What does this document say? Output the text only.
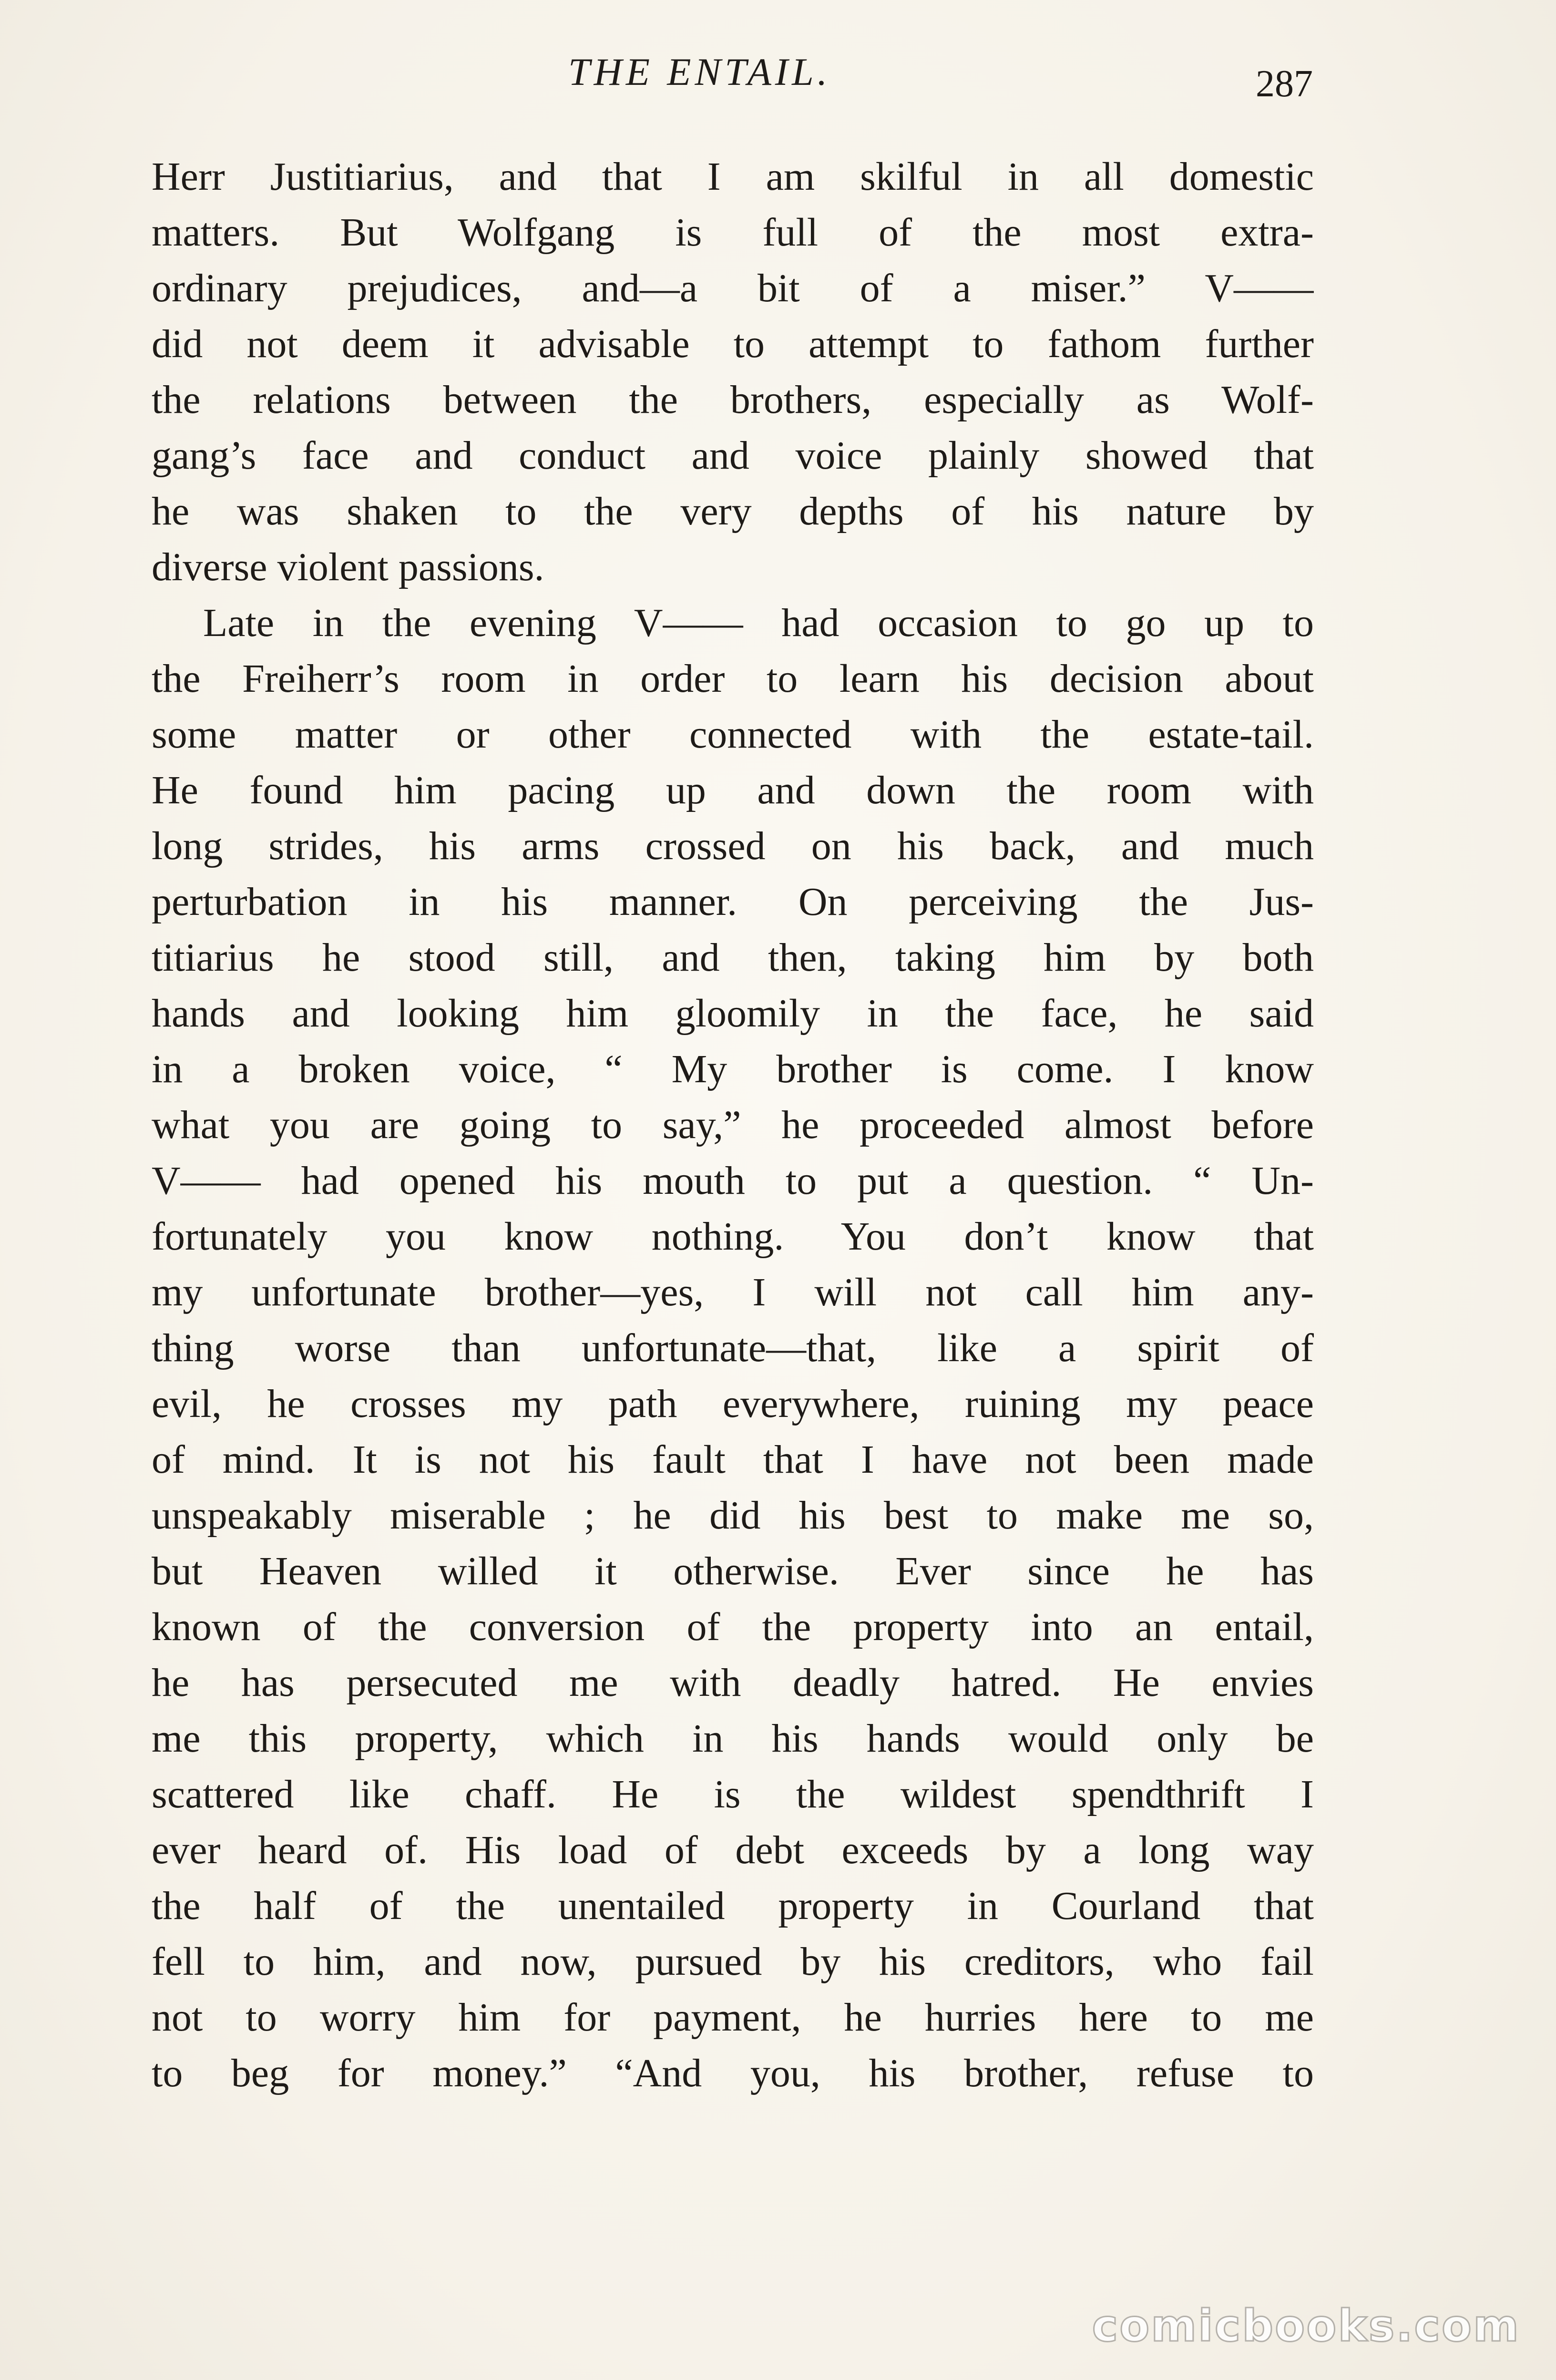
THE ENTAIL.	287
Herr Justitiarius, and that I am skilful in all domestic
matters. But Wolfgang is full of the most extra-
ordinary prejudices, and—a bit of a miser.” V——
did not deem it advisable to attempt to fathom further
the relations between the brothers, especially as Wolf-
gang’s face and conduct and voice plainly showed that
he was shaken to the very depths of his nature by
diverse violent passions.
Late in the evening V—— had occasion to go up to
the Freiherr’s room in order to learn his decision about
some matter or other connected with the estate-tail.
He found him pacing up and down the room with
long strides, his arms crossed on his back, and much
perturbation in his manner. On perceiving the Jus-
titiarius he stood still, and then, taking him by both
hands and looking him gloomily in the face, he said
in a broken voice, “ My brother is come. I know
what you are going to say,” he proceeded almost before
V—— had opened his mouth to put a question. “ Un-
fortunately you know nothing. You don’t know that
my unfortunate brother—yes, I will not call him any-
thing worse than unfortunate—that, like a spirit of
evil, he crosses my path everywhere, ruining my peace
of mind. It is not his fault that I have not been made
unspeakably miserable ; he did his best to make me so,
but Heaven willed it otherwise. Ever since he has
known of the conversion of the property into an entail,
he has persecuted me with deadly hatred. He envies
me this property, which in his hands would only be
scattered like chaff. He is the wildest spendthrift I
ever heard of. His load of debt exceeds by a long way
the half of the unentailed property in Courland that
fell to him, and now, pursued by his creditors, who fail
not to worry him for payment, he hurries here to me
to beg for money.” “And you, his brother, refuse to
comicbooks.com
